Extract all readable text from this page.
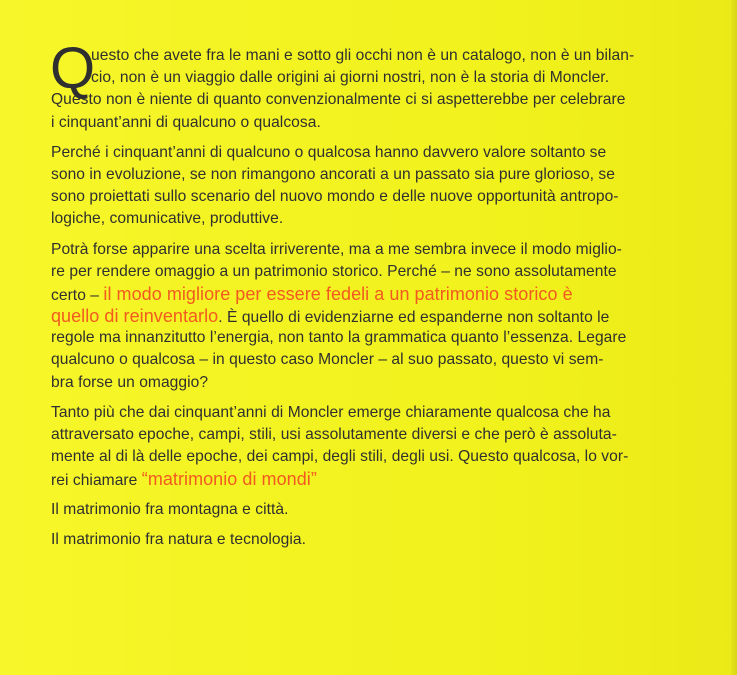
Q
uesto che avete fra le mani e sotto gli occhi non è un catalogo, non è un bilan-
cio, non è un viaggio dalle origini ai giorni nostri, non è la storia di Moncler.
Questo non è niente di quanto convenzionalmente ci si aspetterebbe per celebrare
i cinquant’anni di qualcuno o qualcosa.
Perché i cinquant’anni di qualcuno o qualcosa hanno davvero valore soltanto se
sono in evoluzione, se non rimangono ancorati a un passato sia pure glorioso, se
sono proiettati sullo scenario del nuovo mondo e delle nuove opportunità antropo-
logiche, comunicative, produttive.
Potrà forse apparire una scelta irriverente, ma a me sembra invece il modo miglio-
re per rendere omaggio a un patrimonio storico. Perché – ne sono assolutamente
certo – il modo migliore per essere fedeli a un patrimonio storico è
quello di reinventarlo. È quello di evidenziarne ed espanderne non soltanto le
regole ma innanzitutto l’energia, non tanto la grammatica quanto l’essenza. Legare
qualcuno o qualcosa – in questo caso Moncler – al suo passato, questo vi sem-
bra forse un omaggio?
Tanto più che dai cinquant’anni di Moncler emerge chiaramente qualcosa che ha
attraversato epoche, campi, stili, usi assolutamente diversi e che però è assoluta-
mente al di là delle epoche, dei campi, degli stili, degli usi. Questo qualcosa, lo vor-
rei chiamare “matrimonio di mondi”
Il matrimonio fra montagna e città.
Il matrimonio fra natura e tecnologia.
